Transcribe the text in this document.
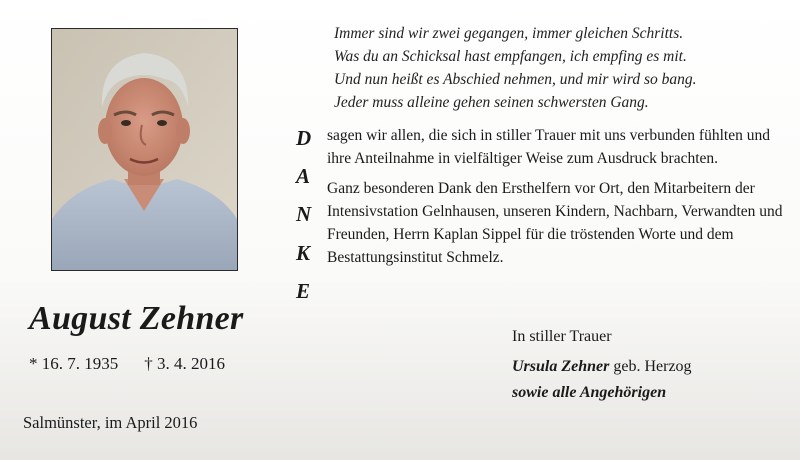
Immer sind wir zwei gegangen, immer gleichen Schritts.
Was du an Schicksal hast empfangen, ich empfing es mit.
Und nun heißt es Abschied nehmen, und mir wird so bang.
Jeder muss alleine gehen seinen schwersten Gang.
D
A
N
K
E
sagen wir allen, die sich in stiller Trauer mit uns verbunden fühlten und ihre Anteilnahme in vielfältiger Weise zum Ausdruck brachten.
Ganz besonderen Dank den Ersthelfern vor Ort, den Mitarbeitern der Intensivstation Gelnhausen, unseren Kindern, Nachbarn, Verwandten und Freunden, Herrn Kaplan Sippel für die tröstenden Worte und dem Bestattungsinstitut Schmelz.
August Zehner
* 16. 7. 1935 † 3. 4. 2016
Salmünster, im April 2016
In stiller Trauer
Ursula Zehner geb. Herzog
sowie alle Angehörigen
